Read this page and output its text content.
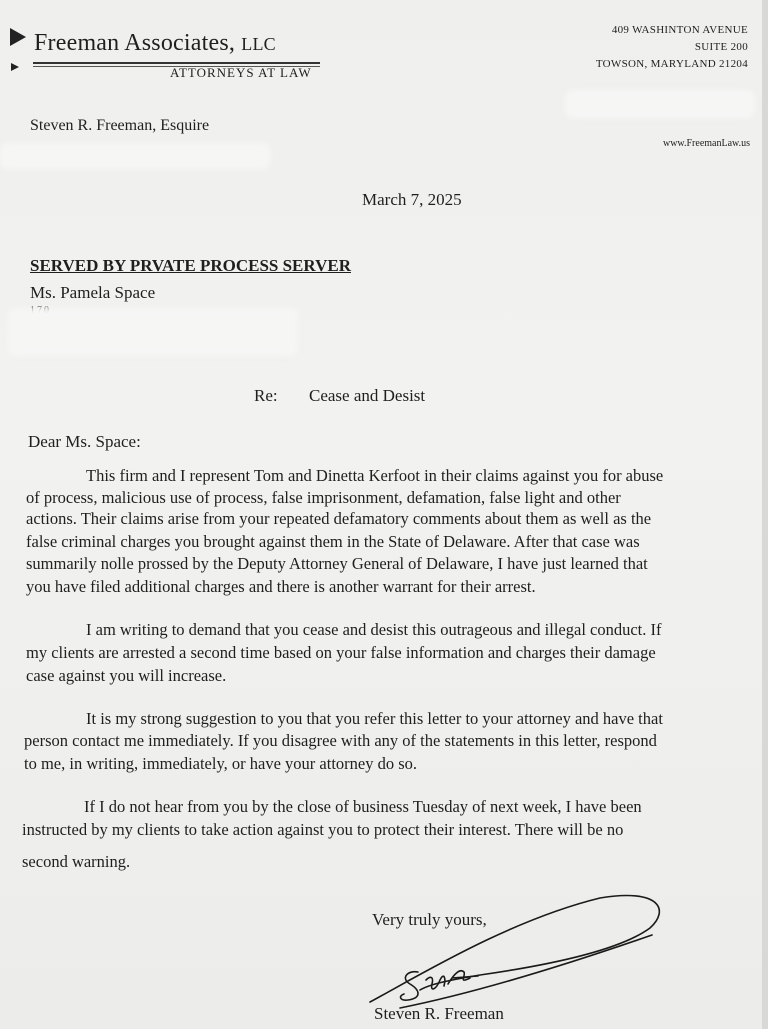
Freeman Associates, LLC
ATTORNEYS AT LAW
409 WASHINTON AVENUE
SUITE 200
TOWSON, MARYLAND 21204
www.FreemanLaw.us
Steven R. Freeman, Esquire
March 7, 2025
SERVED BY PRVATE PROCESS SERVER
Ms. Pamela Space
Re: Cease and Desist
Dear Ms. Space:
This firm and I represent Tom and Dinetta Kerfoot in their claims against you for abuse
of process, malicious use of process, false imprisonment, defamation, false light and other
actions. Their claims arise from your repeated defamatory comments about them as well as the
false criminal charges you brought against them in the State of Delaware. After that case was
summarily nolle prossed by the Deputy Attorney General of Delaware, I have just learned that
you have filed additional charges and there is another warrant for their arrest.
I am writing to demand that you cease and desist this outrageous and illegal conduct. If
my clients are arrested a second time based on your false information and charges their damage
case against you will increase.
It is my strong suggestion to you that you refer this letter to your attorney and have that
person contact me immediately. If you disagree with any of the statements in this letter, respond
to me, in writing, immediately, or have your attorney do so.
If I do not hear from you by the close of business Tuesday of next week, I have been
instructed by my clients to take action against you to protect their interest. There will be no
second warning.
Very truly yours,
Steven R. Freeman
